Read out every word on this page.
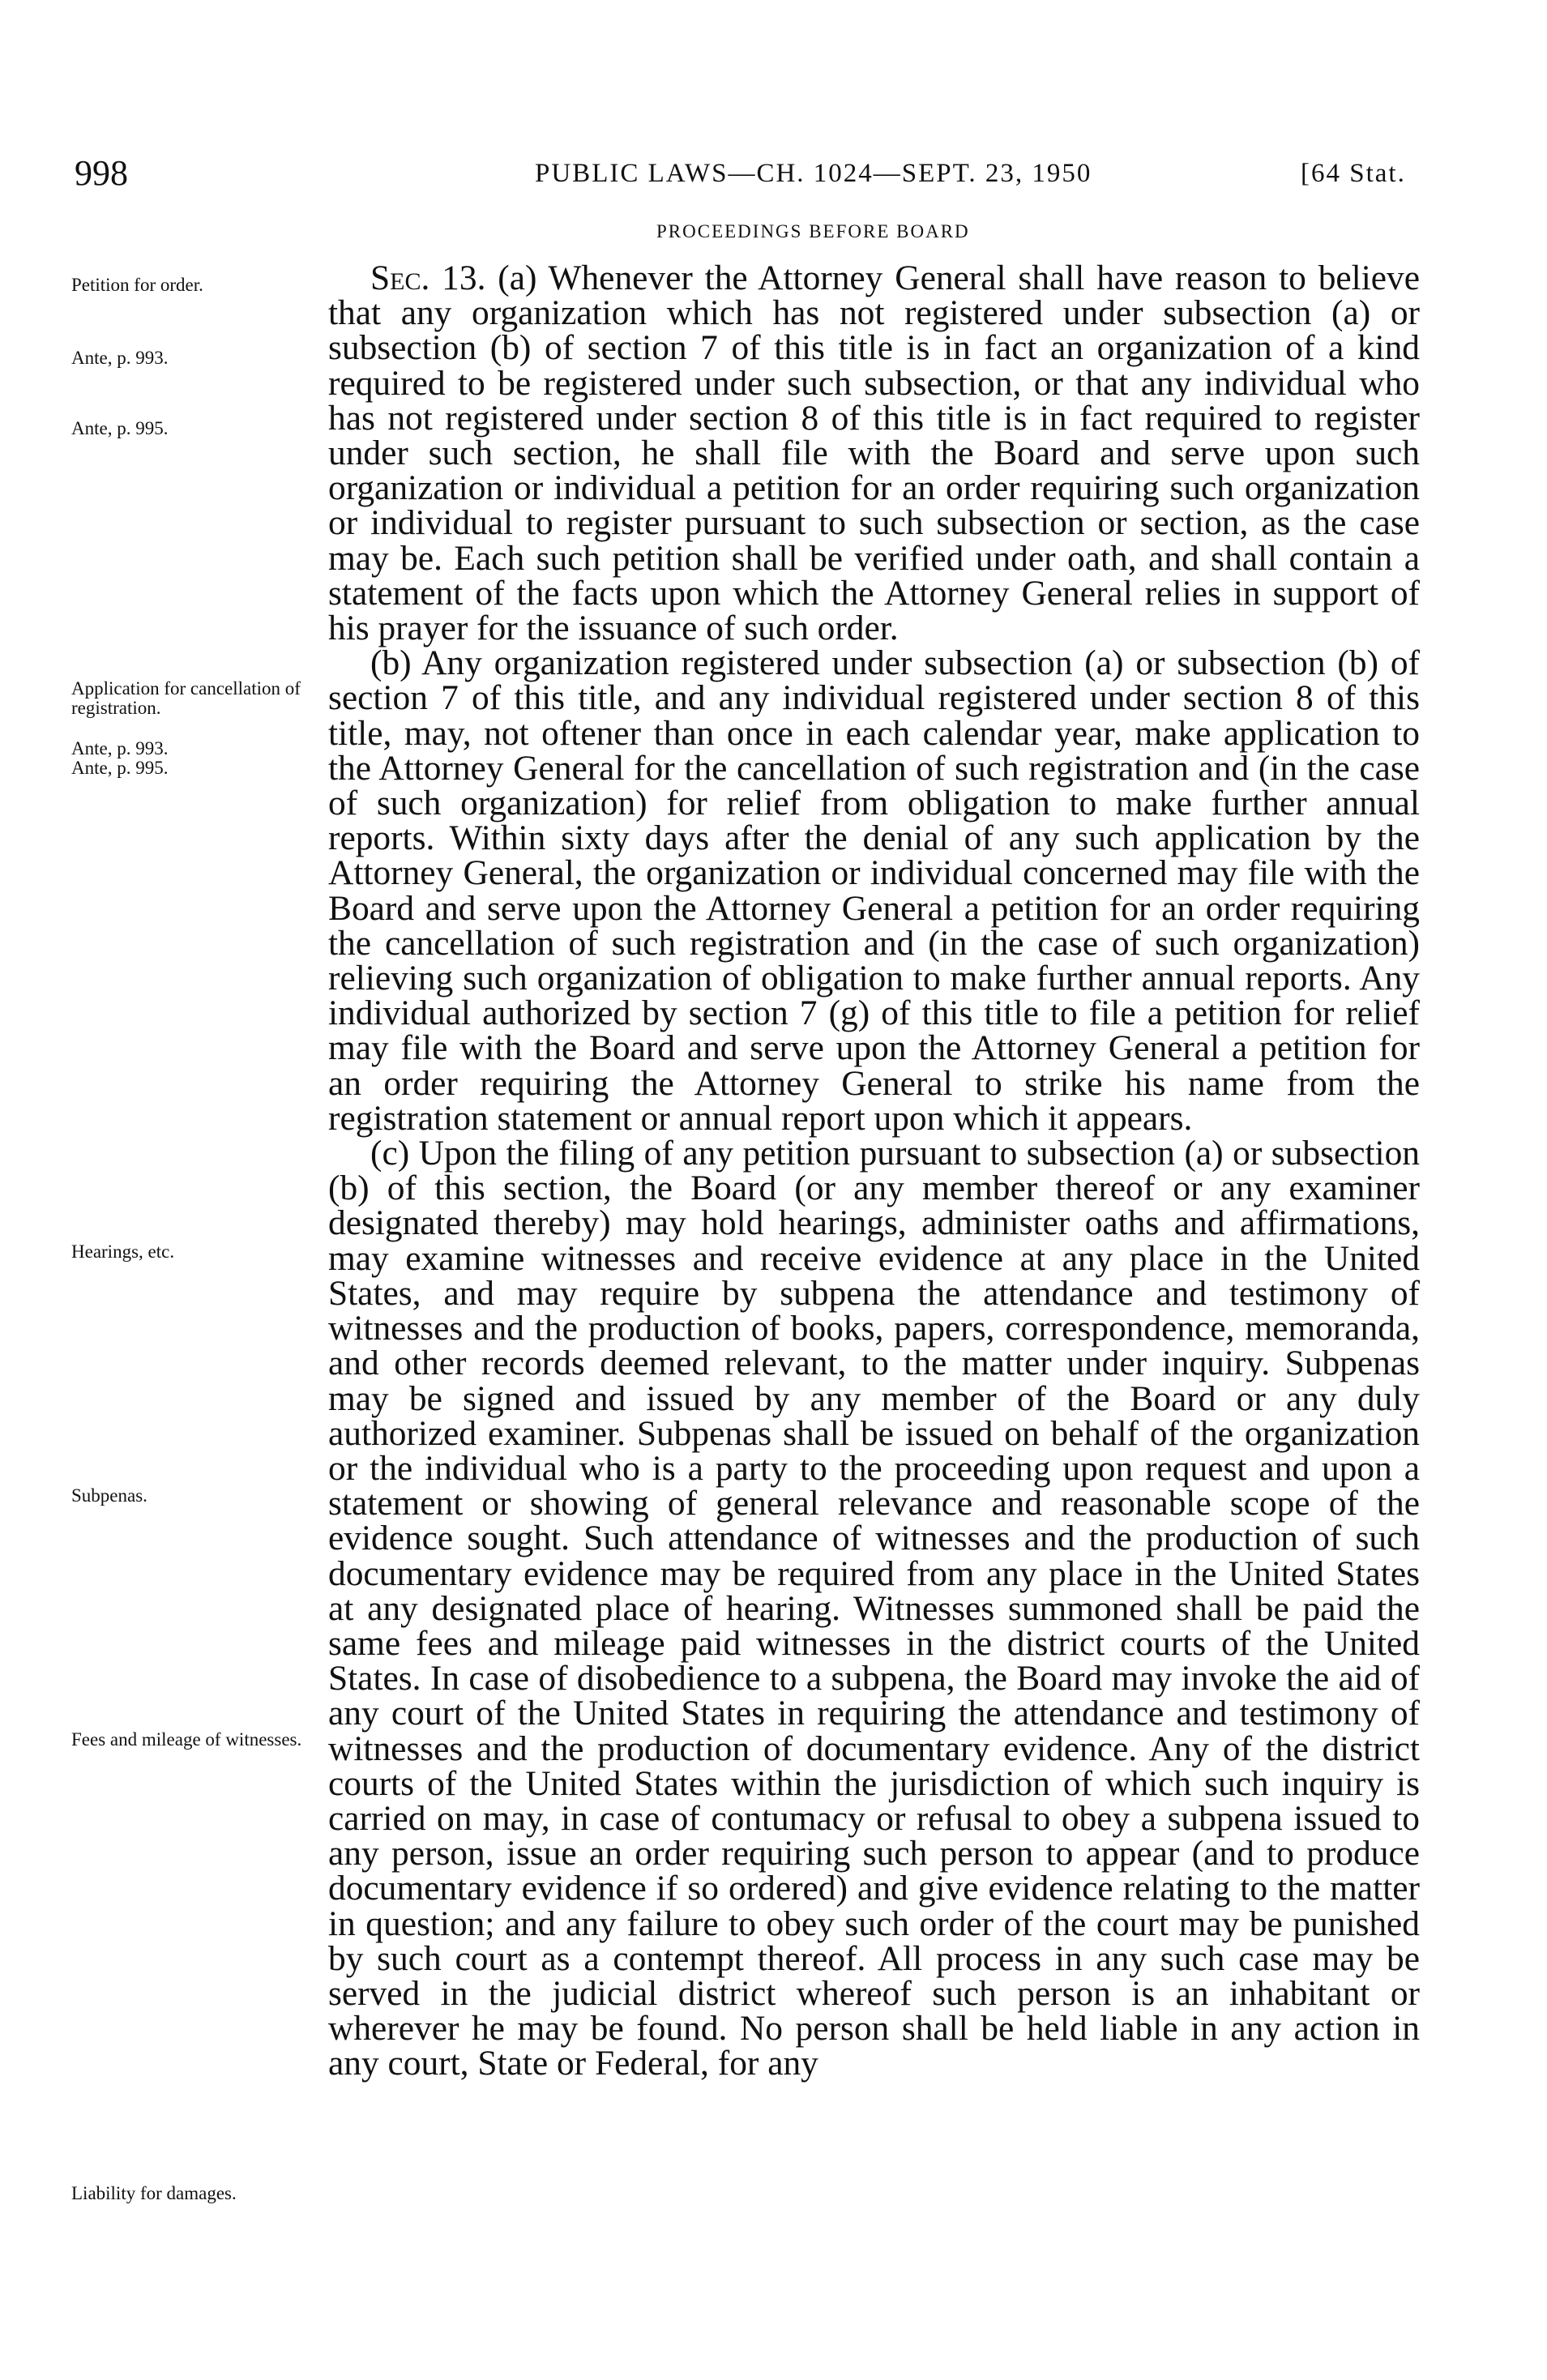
998	PUBLIC LAWS—CH. 1024—SEPT. 23, 1950	[64 Stat.
PROCEEDINGS BEFORE BOARD
Petition for order.
Ante, p. 993.
Ante, p. 995.
Application for cancellation of registration.
Ante, p. 993.
Ante, p. 995.
Hearings, etc.
Subpenas.
Fees and mileage of witnesses.
Liability for damages.

Sec. 13. (a) Whenever the Attorney General shall have reason to believe that any organization which has not registered under subsection (a) or subsection (b) of section 7 of this title is in fact an organization of a kind required to be registered under such subsection, or that any individual who has not registered under section 8 of this title is in fact required to register under such section, he shall file with the Board and serve upon such organization or individual a petition for an order requiring such organization or individual to register pursuant to such subsection or section, as the case may be. Each such petition shall be verified under oath, and shall contain a statement of the facts upon which the Attorney General relies in support of his prayer for the issuance of such order.

(b) Any organization registered under subsection (a) or subsection (b) of section 7 of this title, and any individual registered under section 8 of this title, may, not oftener than once in each calendar year, make application to the Attorney General for the cancellation of such registration and (in the case of such organization) for relief from obligation to make further annual reports. Within sixty days after the denial of any such application by the Attorney General, the organization or individual concerned may file with the Board and serve upon the Attorney General a petition for an order requiring the cancellation of such registration and (in the case of such organization) relieving such organization of obligation to make further annual reports. Any individual authorized by section 7 (g) of this title to file a petition for relief may file with the Board and serve upon the Attorney General a petition for an order requiring the Attorney General to strike his name from the registration statement or annual report upon which it appears.

(c) Upon the filing of any petition pursuant to subsection (a) or subsection (b) of this section, the Board (or any member thereof or any examiner designated thereby) may hold hearings, administer oaths and affirmations, may examine witnesses and receive evidence at any place in the United States, and may require by subpena the attendance and testimony of witnesses and the production of books, papers, correspondence, memoranda, and other records deemed relevant, to the matter under inquiry. Subpenas may be signed and issued by any member of the Board or any duly authorized examiner. Subpenas shall be issued on behalf of the organization or the individual who is a party to the proceeding upon request and upon a statement or showing of general relevance and reasonable scope of the evidence sought. Such attendance of witnesses and the production of such documentary evidence may be required from any place in the United States at any designated place of hearing. Witnesses summoned shall be paid the same fees and mileage paid witnesses in the district courts of the United States. In case of disobedience to a subpena, the Board may invoke the aid of any court of the United States in requiring the attendance and testimony of witnesses and the production of documentary evidence. Any of the district courts of the United States within the jurisdiction of which such inquiry is carried on may, in case of contumacy or refusal to obey a subpena issued to any person, issue an order requiring such person to appear (and to produce documentary evidence if so ordered) and give evidence relating to the matter in question; and any failure to obey such order of the court may be punished by such court as a contempt thereof. All process in any such case may be served in the judicial district whereof such person is an inhabitant or wherever he may be found. No person shall be held liable in any action in any court, State or Federal, for any
